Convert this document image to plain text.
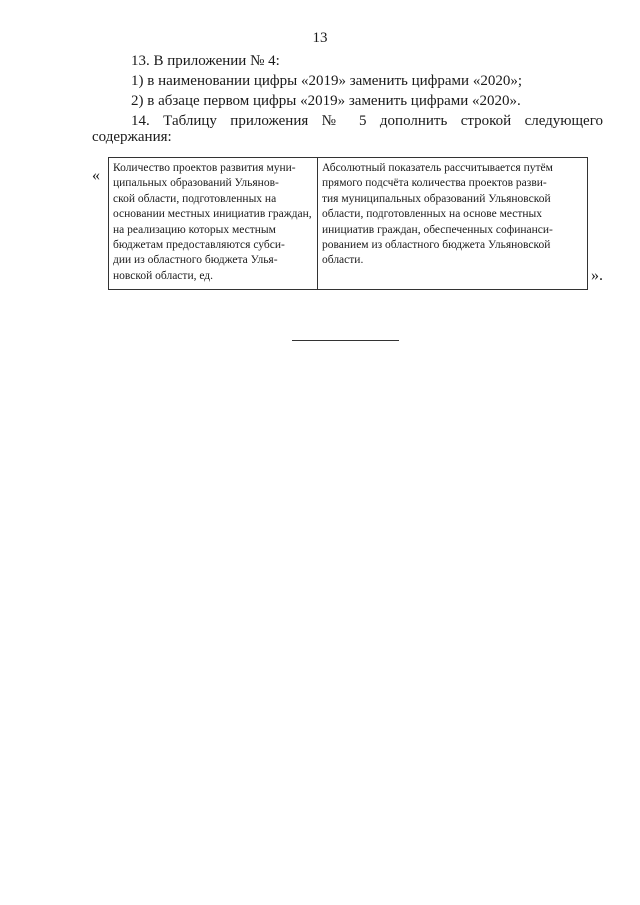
13
13. В приложении № 4:
1) в наименовании цифры «2019» заменить цифрами «2020»;
2) в абзаце первом цифры «2019» заменить цифрами «2020».
14. Таблицу приложения № 5 дополнить строкой следующего
содержания:
«	Количество проектов развития муни-
ципальных образований Ульянов-
ской области, подготовленных на
основании местных инициатив граждан,
на реализацию которых местным
бюджетам предоставляются субси-
дии из областного бюджета Улья-
новской области, ед.
Абсолютный показатель рассчитывается путём
прямого подсчёта количества проектов разви-
тия муниципальных образований Ульяновской
области, подготовленных на основе местных
инициатив граждан, обеспеченных софинанси-
рованием из областного бюджета Ульяновской
области.
».
